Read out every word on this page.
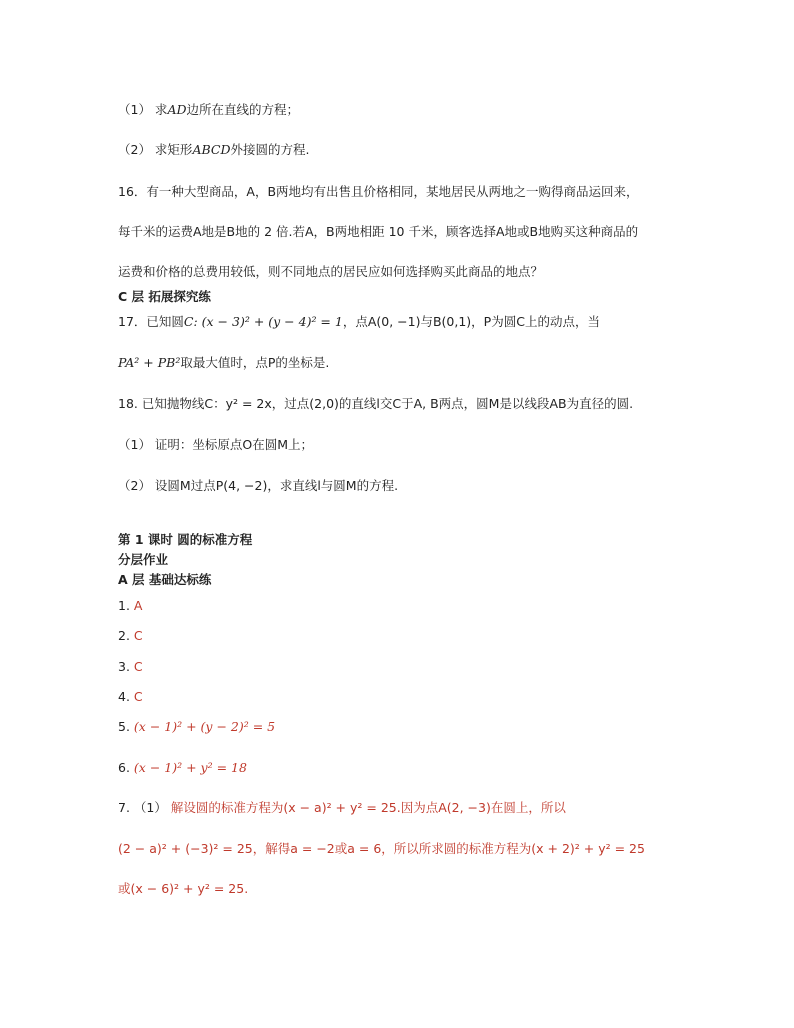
（1） 求AD边所在直线的方程；
（2） 求矩形ABCD外接圆的方程.
16．有一种大型商品，A，B两地均有出售且价格相同，某地居民从两地之一购得商品运回来，
每千米的运费A地是B地的 2 倍.若A，B两地相距 10 千米，顾客选择A地或B地购买这种商品的
运费和价格的总费用较低，则不同地点的居民应如何选择购买此商品的地点？
C 层 拓展探究练
17．已知圆C: (x − 3)² + (y − 4)² = 1，点A(0, −1)与B(0,1)，P为圆C上的动点，当
PA² + PB²取最大值时，点P的坐标是.
18. 已知抛物线C：y² = 2x，过点(2,0)的直线l交C于A, B两点，圆M是以线段AB为直径的圆.
（1） 证明：坐标原点O在圆M上；
（2） 设圆M过点P(4, −2)，求直线l与圆M的方程.
第 1 课时 圆的标准方程
分层作业
A 层 基础达标练
1. A
2. C
3. C
4. C
5. (x − 1)² + (y − 2)² = 5
6. (x − 1)² + y² = 18
7. （1） 解设圆的标准方程为(x − a)² + y² = 25.因为点A(2, −3)在圆上，所以
(2 − a)² + (−3)² = 25，解得a = −2或a = 6，所以所求圆的标准方程为(x + 2)² + y² = 25
或(x − 6)² + y² = 25.
